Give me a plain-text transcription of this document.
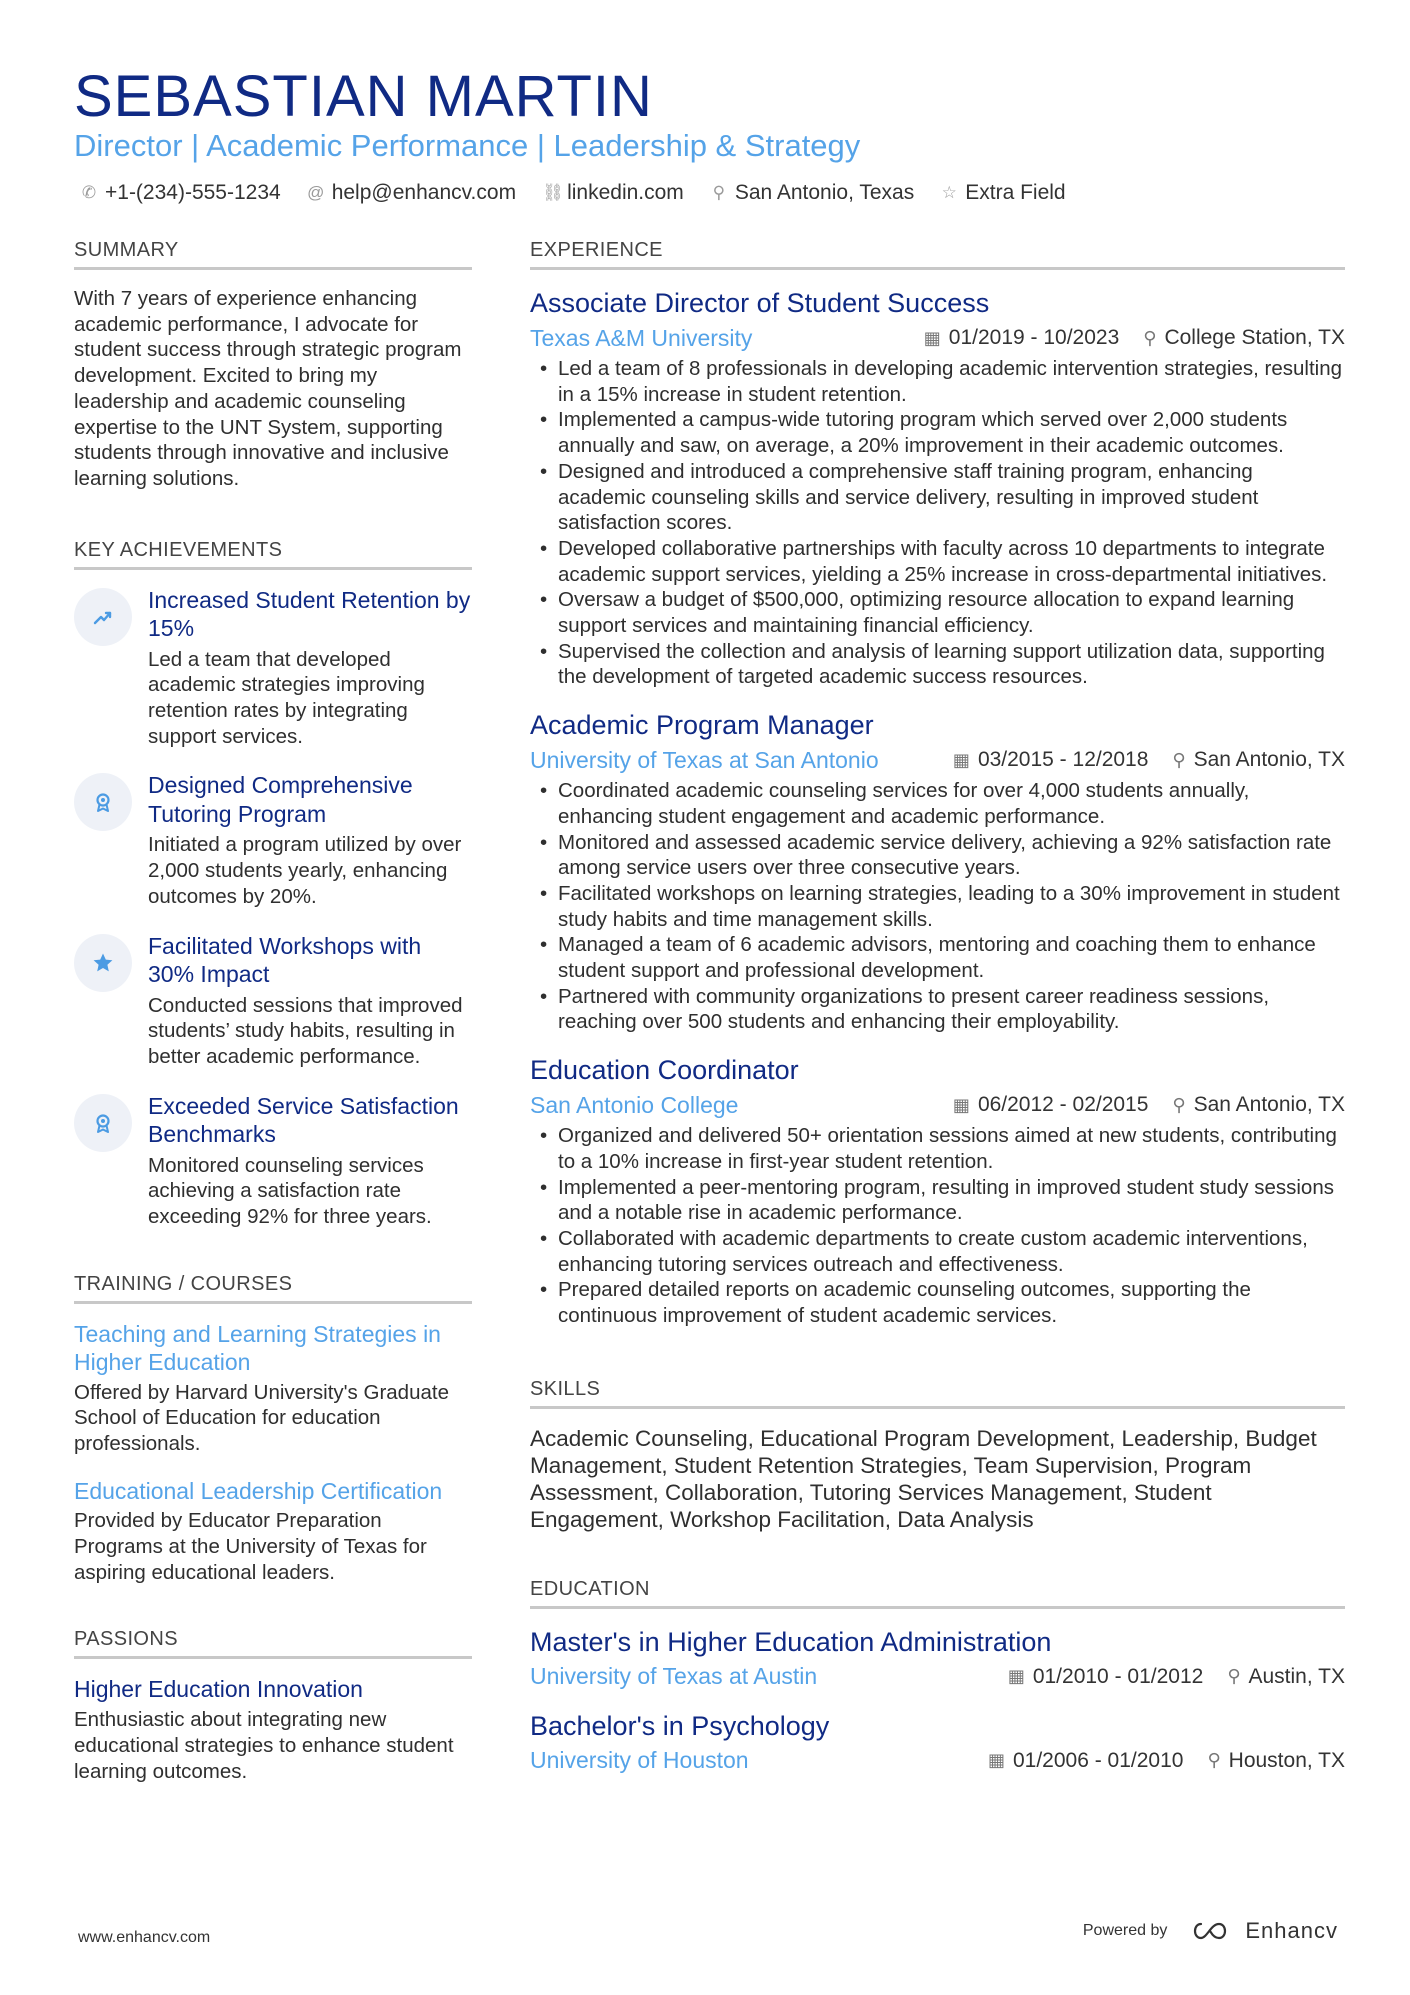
SEBASTIAN MARTIN
Director | Academic Performance | Leadership & Strategy
✆ +1-(234)-555-1234 @ help@enhancv.com ⛓ linkedin.com ⚲ San Antonio, Texas ☆ Extra Field
SUMMARY
With 7 years of experience enhancing academic performance, I advocate for student success through strategic program development. Excited to bring my leadership and academic counseling expertise to the UNT System, supporting students through innovative and inclusive learning solutions.
KEY ACHIEVEMENTS
Increased Student Retention by 15%
Led a team that developed academic strategies improving retention rates by integrating support services.
Designed Comprehensive Tutoring Program
Initiated a program utilized by over 2,000 students yearly, enhancing outcomes by 20%.
Facilitated Workshops with 30% Impact
Conducted sessions that improved students’ study habits, resulting in better academic performance.
Exceeded Service Satisfaction Benchmarks
Monitored counseling services achieving a satisfaction rate exceeding 92% for three years.
TRAINING / COURSES
Teaching and Learning Strategies in Higher Education
Offered by Harvard University's Graduate School of Education for education professionals.
Educational Leadership Certification
Provided by Educator Preparation Programs at the University of Texas for aspiring educational leaders.
PASSIONS
Higher Education Innovation
Enthusiastic about integrating new educational strategies to enhance student learning outcomes.
EXPERIENCE
Associate Director of Student Success
Texas A&M University	▦ 01/2019 - 10/2023 ⚲ College Station, TX
• Led a team of 8 professionals in developing academic intervention strategies, resulting in a 15% increase in student retention.
• Implemented a campus-wide tutoring program which served over 2,000 students annually and saw, on average, a 20% improvement in their academic outcomes.
• Designed and introduced a comprehensive staff training program, enhancing academic counseling skills and service delivery, resulting in improved student satisfaction scores.
• Developed collaborative partnerships with faculty across 10 departments to integrate academic support services, yielding a 25% increase in cross-departmental initiatives.
• Oversaw a budget of $500,000, optimizing resource allocation to expand learning support services and maintaining financial efficiency.
• Supervised the collection and analysis of learning support utilization data, supporting the development of targeted academic success resources.
Academic Program Manager
University of Texas at San Antonio	▦ 03/2015 - 12/2018 ⚲ San Antonio, TX
• Coordinated academic counseling services for over 4,000 students annually, enhancing student engagement and academic performance.
• Monitored and assessed academic service delivery, achieving a 92% satisfaction rate among service users over three consecutive years.
• Facilitated workshops on learning strategies, leading to a 30% improvement in student study habits and time management skills.
• Managed a team of 6 academic advisors, mentoring and coaching them to enhance student support and professional development.
• Partnered with community organizations to present career readiness sessions, reaching over 500 students and enhancing their employability.
Education Coordinator
San Antonio College	▦ 06/2012 - 02/2015 ⚲ San Antonio, TX
• Organized and delivered 50+ orientation sessions aimed at new students, contributing to a 10% increase in first-year student retention.
• Implemented a peer-mentoring program, resulting in improved student study sessions and a notable rise in academic performance.
• Collaborated with academic departments to create custom academic interventions, enhancing tutoring services outreach and effectiveness.
• Prepared detailed reports on academic counseling outcomes, supporting the continuous improvement of student academic services.
SKILLS
Academic Counseling, Educational Program Development, Leadership, Budget Management, Student Retention Strategies, Team Supervision, Program Assessment, Collaboration, Tutoring Services Management, Student Engagement, Workshop Facilitation, Data Analysis
EDUCATION
Master's in Higher Education Administration
University of Texas at Austin	▦ 01/2010 - 01/2012 ⚲ Austin, TX
Bachelor's in Psychology
University of Houston	▦ 01/2006 - 01/2010 ⚲ Houston, TX
www.enhancv.com	Powered by	Enhancv
